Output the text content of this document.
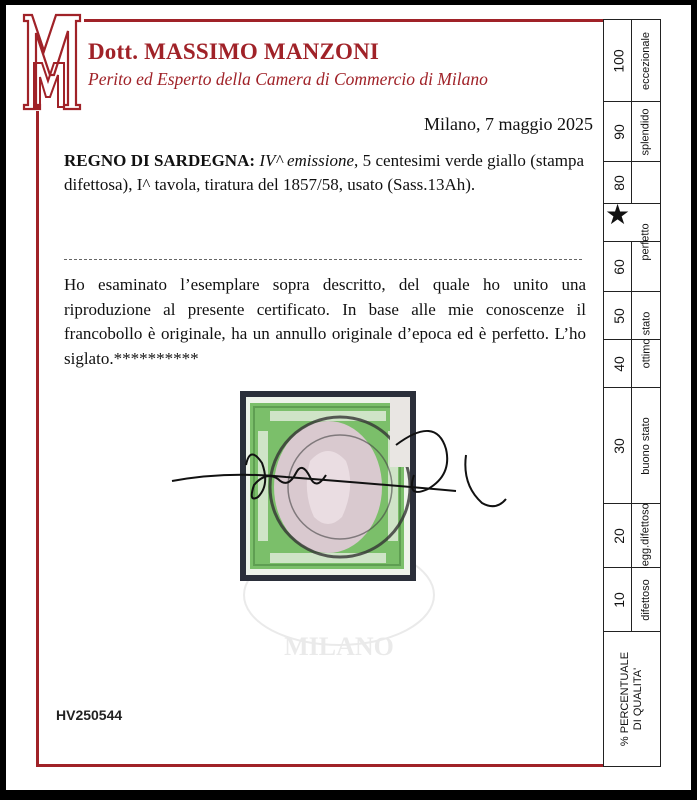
Dott. MASSIMO MANZONI
Perito ed Esperto della Camera di Commercio di Milano
Milano, 7 maggio 2025
REGNO DI SARDEGNA: IV^ emissione, 5 centesimi verde giallo (stampa difettosa), I^ tavola, tiratura del 1857/58, usato (Sass.13Ah).
Ho esaminato l’esemplare sopra descritto, del quale ho unito una riproduzione al presente certificato. In base alle mie conoscenze il francobollo è originale, ha un annullo originale d’epoca ed è perfetto. L’ho siglato.**********
MILANO
HV250544
100 eccezionale
90 splendido
80
perfetto
60
50 ottimo stato
40
30 buono stato
20 legg.difettoso
10 difettoso
★
% PERCENTUALE DI QUALITA'
